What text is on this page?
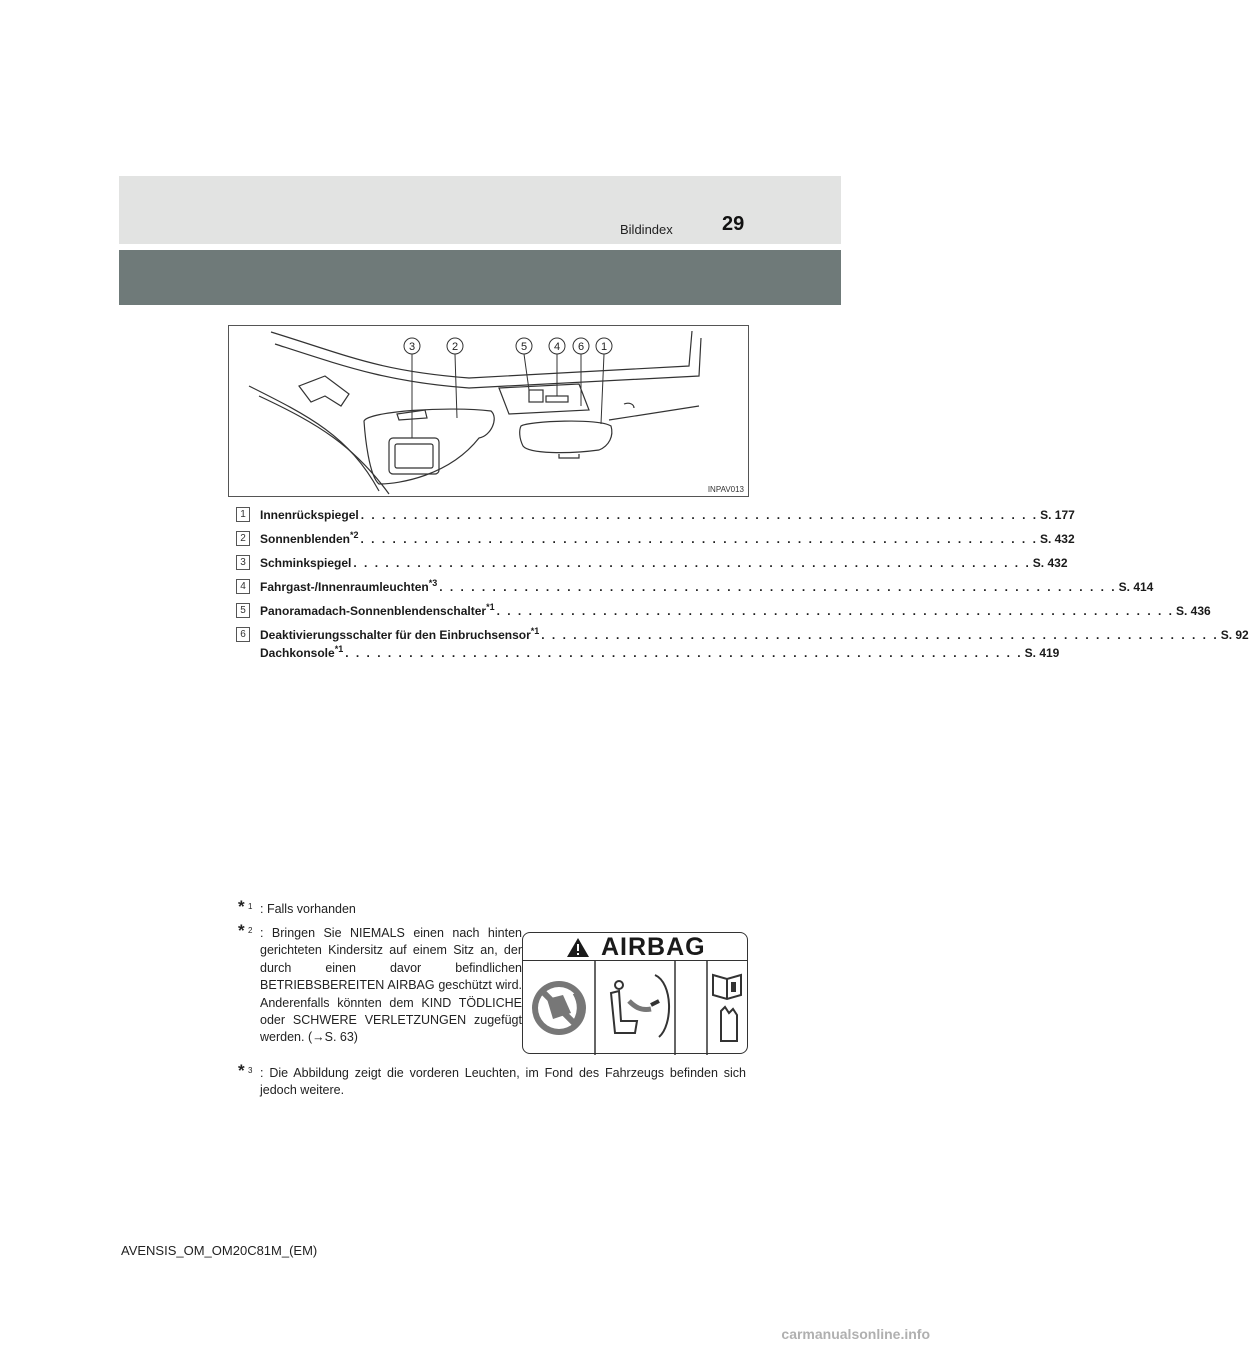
Bildindex 29
3	2	5 4 6 1
INPAV013
1	Innenrückspiegel . . . . . . . . . . . . . . . . . . . . . . . . . . . . . . . . . . . . . . . . . . . . . . . . . . . . . . . . . . . . . . . . S. 177
2	Sonnenblenden$^{*2}$ . . . . . . . . . . . . . . . . . . . . . . . . . . . . . . . . . . . . . . . . . . . . . . . . . . . . . . . . . . . . . . . . S. 432
3	Schminkspiegel . . . . . . . . . . . . . . . . . . . . . . . . . . . . . . . . . . . . . . . . . . . . . . . . . . . . . . . . . . . . . . . . S. 432
4	Fahrgast-/Innenraumleuchten$^{*3}$ . . . . . . . . . . . . . . . . . . . . . . . . . . . . . . . . . . . . . . . . . . . . . . . . . . . . . . . . . . . . . . . . S. 414
5	Panoramadach-Sonnenblendenschalter$^{*1}$ . . . . . . . . . . . . . . . . . . . . . . . . . . . . . . . . . . . . . . . . . . . . . . . . . . . . . . . . . . . . . . . . S. 436
6	Deaktivierungsschalter für den Einbruchsensor$^{*1}$ . . . . . . . . . . . . . . . . . . . . . . . . . . . . . . . . . . . . . . . . . . . . . . . . . . . . . . . . . . . . . . . . S. 92
Dachkonsole$^{*1}$ . . . . . . . . . . . . . . . . . . . . . . . . . . . . . . . . . . . . . . . . . . . . . . . . . . . . . . . . . . . . . . . . S. 419
* 1 : Falls vorhanden
* 2 : Bringen Sie NIEMALS einen nach hinten gerichteten Kindersitz auf einem Sitz an, der durch einen davor befindlichen BETRIEBSBEREITEN AIRBAG geschützt wird. Anderenfalls könnten dem KIND TÖDLICHE oder SCHWERE VERLETZUNGEN zugefügt werden. (→S. 63)
* 3 : Die Abbildung zeigt die vorderen Leuchten, im Fond des Fahrzeugs befinden sich jedoch weitere.
AIRBAG
AVENSIS_OM_OM20C81M_(EM)
carmanualsonline.info
